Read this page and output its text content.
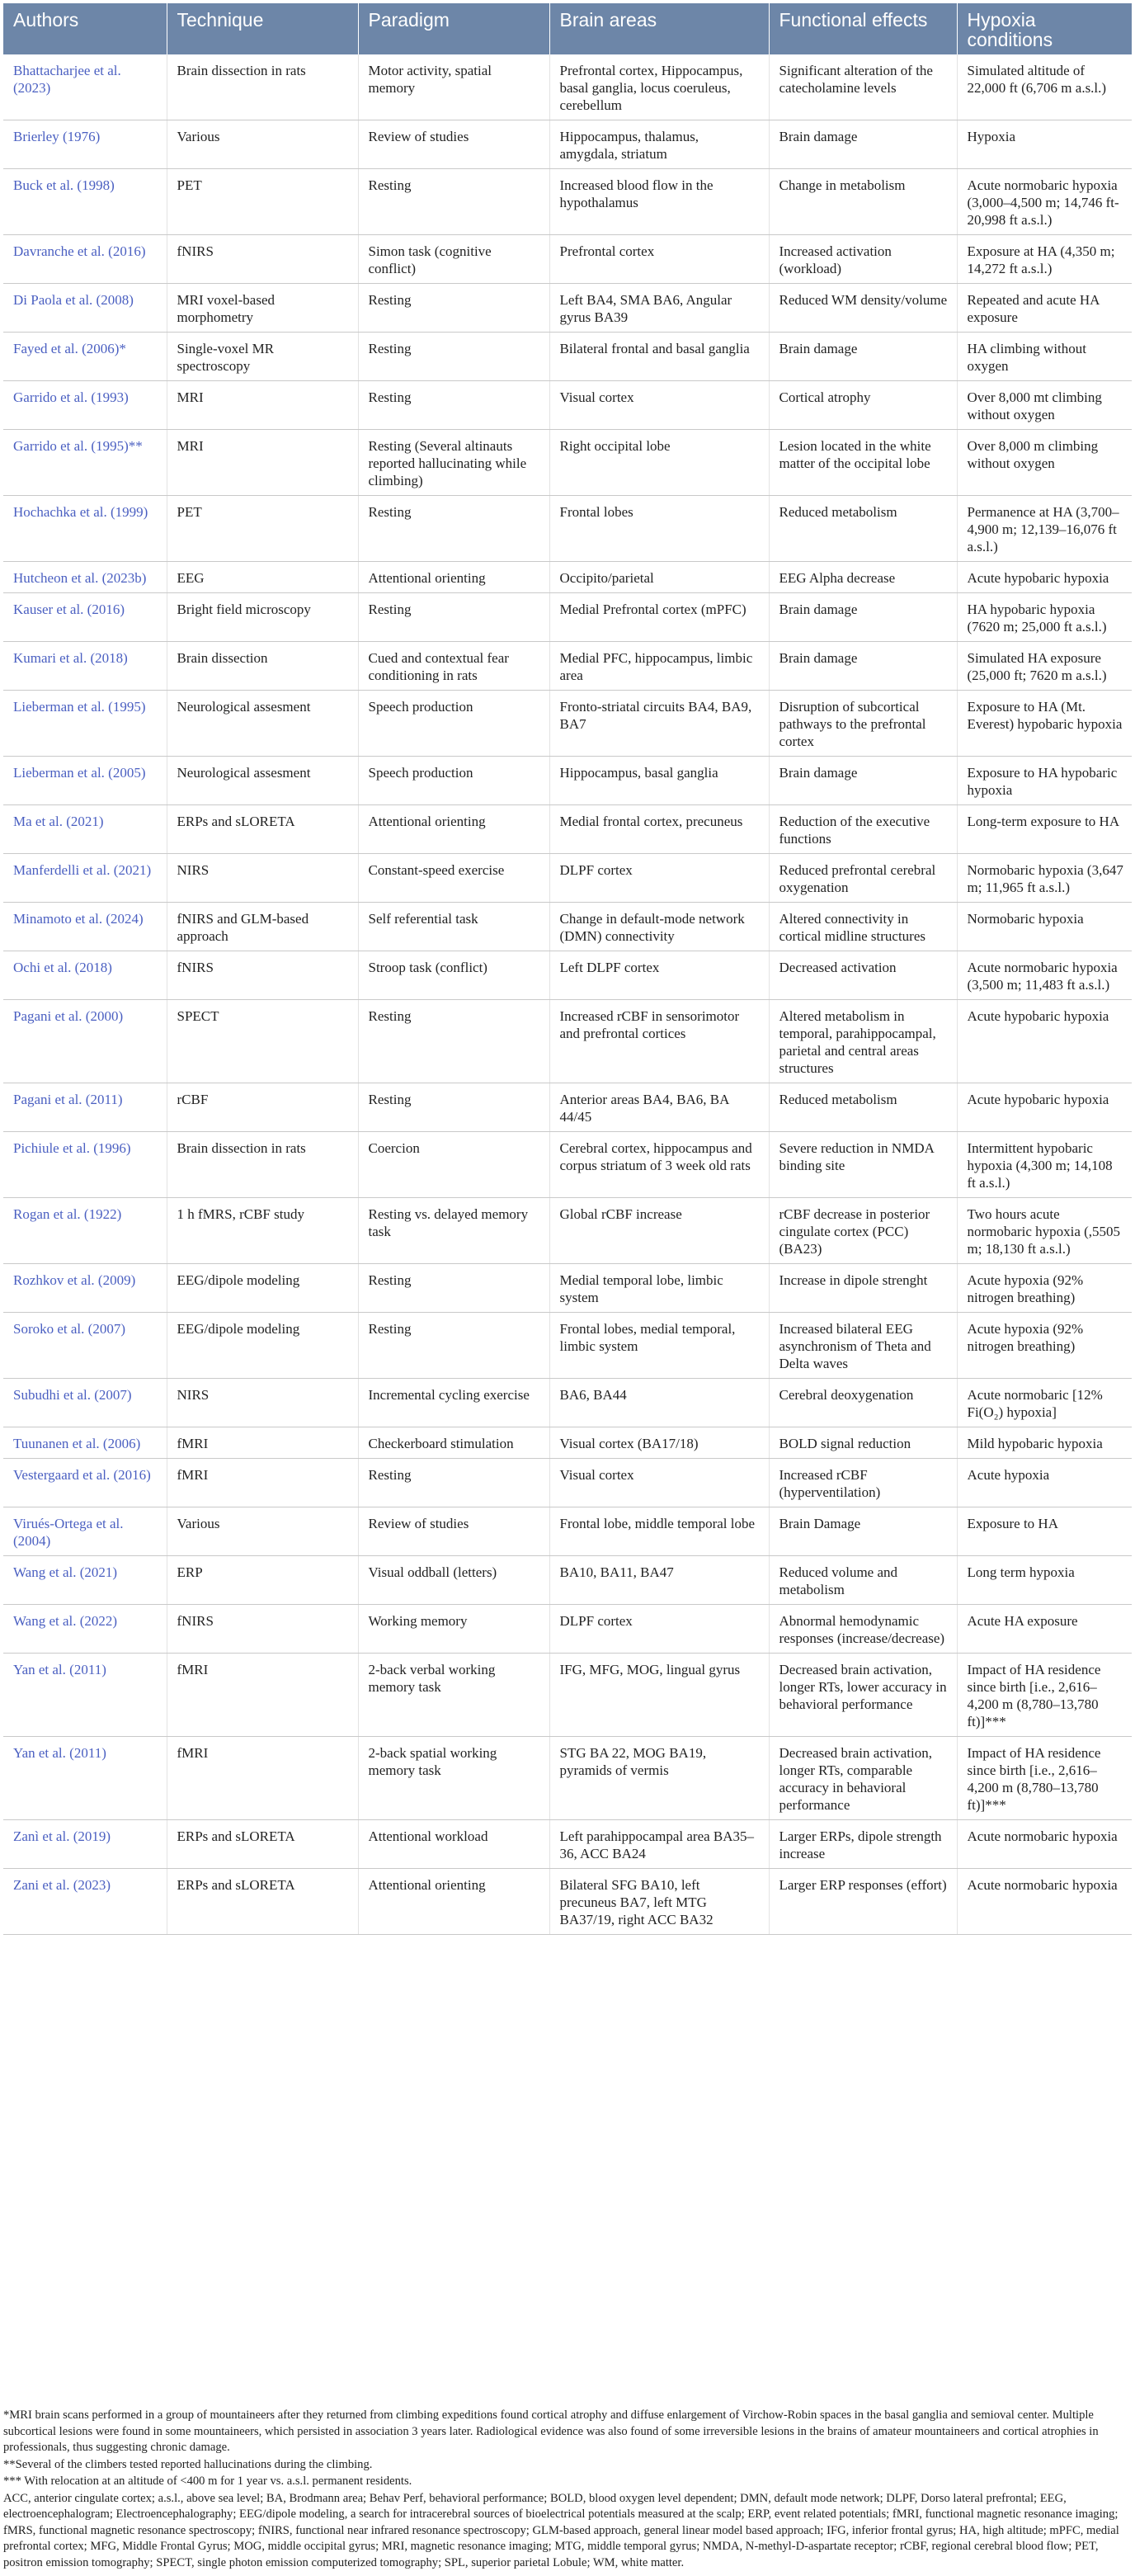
Authors	Technique	Paradigm	Brain areas	Functional effects	Hypoxia conditions
Bhattacharjee et al. (2023)	Brain dissection in rats	Motor activity, spatial memory	Prefrontal cortex, Hippocampus, basal ganglia, locus coeruleus, cerebellum	Significant alteration of the catecholamine levels	Simulated altitude of 22,000 ft (6,706 m a.s.l.)
Brierley (1976)	Various	Review of studies	Hippocampus, thalamus, amygdala, striatum	Brain damage	Hypoxia
Buck et al. (1998)	PET	Resting	Increased blood flow in the hypothalamus	Change in metabolism	Acute normobaric hypoxia (3,000–4,500 m; 14,746 ft-20,998 ft a.s.l.)
Davranche et al. (2016)	fNIRS	Simon task (cognitive conflict)	Prefrontal cortex	Increased activation (workload)	Exposure at HA (4,350 m; 14,272 ft a.s.l.)
Di Paola et al. (2008)	MRI voxel-based morphometry	Resting	Left BA4, SMA BA6, Angular gyrus BA39	Reduced WM density/volume	Repeated and acute HA exposure
Fayed et al. (2006)*	Single-voxel MR spectroscopy	Resting	Bilateral frontal and basal ganglia	Brain damage	HA climbing without oxygen
Garrido et al. (1993)	MRI	Resting	Visual cortex	Cortical atrophy	Over 8,000 mt climbing without oxygen
Garrido et al. (1995)**	MRI	Resting (Several altinauts reported hallucinating while climbing)	Right occipital lobe	Lesion located in the white matter of the occipital lobe	Over 8,000 m climbing without oxygen
Hochachka et al. (1999)	PET	Resting	Frontal lobes	Reduced metabolism	Permanence at HA (3,700–4,900 m; 12,139–16,076 ft a.s.l.)
Hutcheon et al. (2023b)	EEG	Attentional orienting	Occipito/parietal	EEG Alpha decrease	Acute hypobaric hypoxia
Kauser et al. (2016)	Bright field microscopy	Resting	Medial Prefrontal cortex (mPFC)	Brain damage	HA hypobaric hypoxia (7620 m; 25,000 ft a.s.l.)
Kumari et al. (2018)	Brain dissection	Cued and contextual fear conditioning in rats	Medial PFC, hippocampus, limbic area	Brain damage	Simulated HA exposure (25,000 ft; 7620 m a.s.l.)
Lieberman et al. (1995)	Neurological assesment	Speech production	Fronto-striatal circuits BA4, BA9, BA7	Disruption of subcortical pathways to the prefrontal cortex	Exposure to HA (Mt. Everest) hypobaric hypoxia
Lieberman et al. (2005)	Neurological assesment	Speech production	Hippocampus, basal ganglia	Brain damage	Exposure to HA hypobaric hypoxia
Ma et al. (2021)	ERPs and sLORETA	Attentional orienting	Medial frontal cortex, precuneus	Reduction of the executive functions	Long-term exposure to HA
Manferdelli et al. (2021)	NIRS	Constant-speed exercise	DLPF cortex	Reduced prefrontal cerebral oxygenation	Normobaric hypoxia (3,647 m; 11,965 ft a.s.l.)
Minamoto et al. (2024)	fNIRS and GLM-based approach	Self referential task	Change in default-mode network (DMN) connectivity	Altered connectivity in cortical midline structures	Normobaric hypoxia
Ochi et al. (2018)	fNIRS	Stroop task (conflict)	Left DLPF cortex	Decreased activation	Acute normobaric hypoxia (3,500 m; 11,483 ft a.s.l.)
Pagani et al. (2000)	SPECT	Resting	Increased rCBF in sensorimotor and prefrontal cortices	Altered metabolism in temporal, parahippocampal, parietal and central areas structures	Acute hypobaric hypoxia
Pagani et al. (2011)	rCBF	Resting	Anterior areas BA4, BA6, BA 44/45	Reduced metabolism	Acute hypobaric hypoxia
Pichiule et al. (1996)	Brain dissection in rats	Coercion	Cerebral cortex, hippocampus and corpus striatum of 3 week old rats	Severe reduction in NMDA binding site	Intermittent hypobaric hypoxia (4,300 m; 14,108 ft a.s.l.)
Rogan et al. (1922)	1 h fMRS, rCBF study	Resting vs. delayed memory task	Global rCBF increase	rCBF decrease in posterior cingulate cortex (PCC) (BA23)	Two hours acute normobaric hypoxia (,5505 m; 18,130 ft a.s.l.)
Rozhkov et al. (2009)	EEG/dipole modeling	Resting	Medial temporal lobe, limbic system	Increase in dipole strenght	Acute hypoxia (92% nitrogen breathing)
Soroko et al. (2007)	EEG/dipole modeling	Resting	Frontal lobes, medial temporal, limbic system	Increased bilateral EEG asynchronism of Theta and Delta waves	Acute hypoxia (92% nitrogen breathing)
Subudhi et al. (2007)	NIRS	Incremental cycling exercise	BA6, BA44	Cerebral deoxygenation	Acute normobaric [12% Fi(O₂) hypoxia]
Tuunanen et al. (2006)	fMRI	Checkerboard stimulation	Visual cortex (BA17/18)	BOLD signal reduction	Mild hypobaric hypoxia
Vestergaard et al. (2016)	fMRI	Resting	Visual cortex	Increased rCBF (hyperventilation)	Acute hypoxia
Virués-Ortega et al. (2004)	Various	Review of studies	Frontal lobe, middle temporal lobe	Brain Damage	Exposure to HA
Wang et al. (2021)	ERP	Visual oddball (letters)	BA10, BA11, BA47	Reduced volume and metabolism	Long term hypoxia
Wang et al. (2022)	fNIRS	Working memory	DLPF cortex	Abnormal hemodynamic responses (increase/decrease)	Acute HA exposure
Yan et al. (2011)	fMRI	2-back verbal working memory task	IFG, MFG, MOG, lingual gyrus	Decreased brain activation, longer RTs, lower accuracy in behavioral performance	Impact of HA residence since birth [i.e., 2,616–4,200 m (8,780–13,780 ft)]***
Yan et al. (2011)	fMRI	2-back spatial working memory task	STG BA 22, MOG BA19, pyramids of vermis	Decreased brain activation, longer RTs, comparable accuracy in behavioral performance	Impact of HA residence since birth [i.e., 2,616–4,200 m (8,780–13,780 ft)]***
Zanì et al. (2019)	ERPs and sLORETA	Attentional workload	Left parahippocampal area BA35–36, ACC BA24	Larger ERPs, dipole strength increase	Acute normobaric hypoxia
Zani et al. (2023)	ERPs and sLORETA	Attentional orienting	Bilateral SFG BA10, left precuneus BA7, left MTG BA37/19, right ACC BA32	Larger ERP responses (effort)	Acute normobaric hypoxia

*MRI brain scans performed in a group of mountaineers after they returned from climbing expeditions found cortical atrophy and diffuse enlargement of Virchow-Robin spaces in the basal ganglia and semioval center. Multiple subcortical lesions were found in some mountaineers, which persisted in association 3 years later. Radiological evidence was also found of some irreversible lesions in the brains of amateur mountaineers and cortical atrophies in professionals, thus suggesting chronic damage.

**Several of the climbers tested reported hallucinations during the climbing.

*** With relocation at an altitude of <400 m for 1 year vs. a.s.l. permanent residents.

ACC, anterior cingulate cortex; a.s.l., above sea level; BA, Brodmann area; Behav Perf, behavioral performance; BOLD, blood oxygen level dependent; DMN, default mode network; DLPF, Dorso lateral prefrontal; EEG, electroencephalogram; Electroencephalography; EEG/dipole modeling, a search for intracerebral sources of bioelectrical potentials measured at the scalp; ERP, event related potentials; fMRI, functional magnetic resonance imaging; fMRS, functional magnetic resonance spectroscopy; fNIRS, functional near infrared resonance spectroscopy; GLM-based approach, general linear model based approach; IFG, inferior frontal gyrus; HA, high altitude; mPFC, medial prefrontal cortex; MFG, Middle Frontal Gyrus; MOG, middle occipital gyrus; MRI, magnetic resonance imaging; MTG, middle temporal gyrus; NMDA, N-methyl-D-aspartate receptor; rCBF, regional cerebral blood flow; PET, positron emission tomography; SPECT, single photon emission computerized tomography; SPL, superior parietal Lobule; WM, white matter.
